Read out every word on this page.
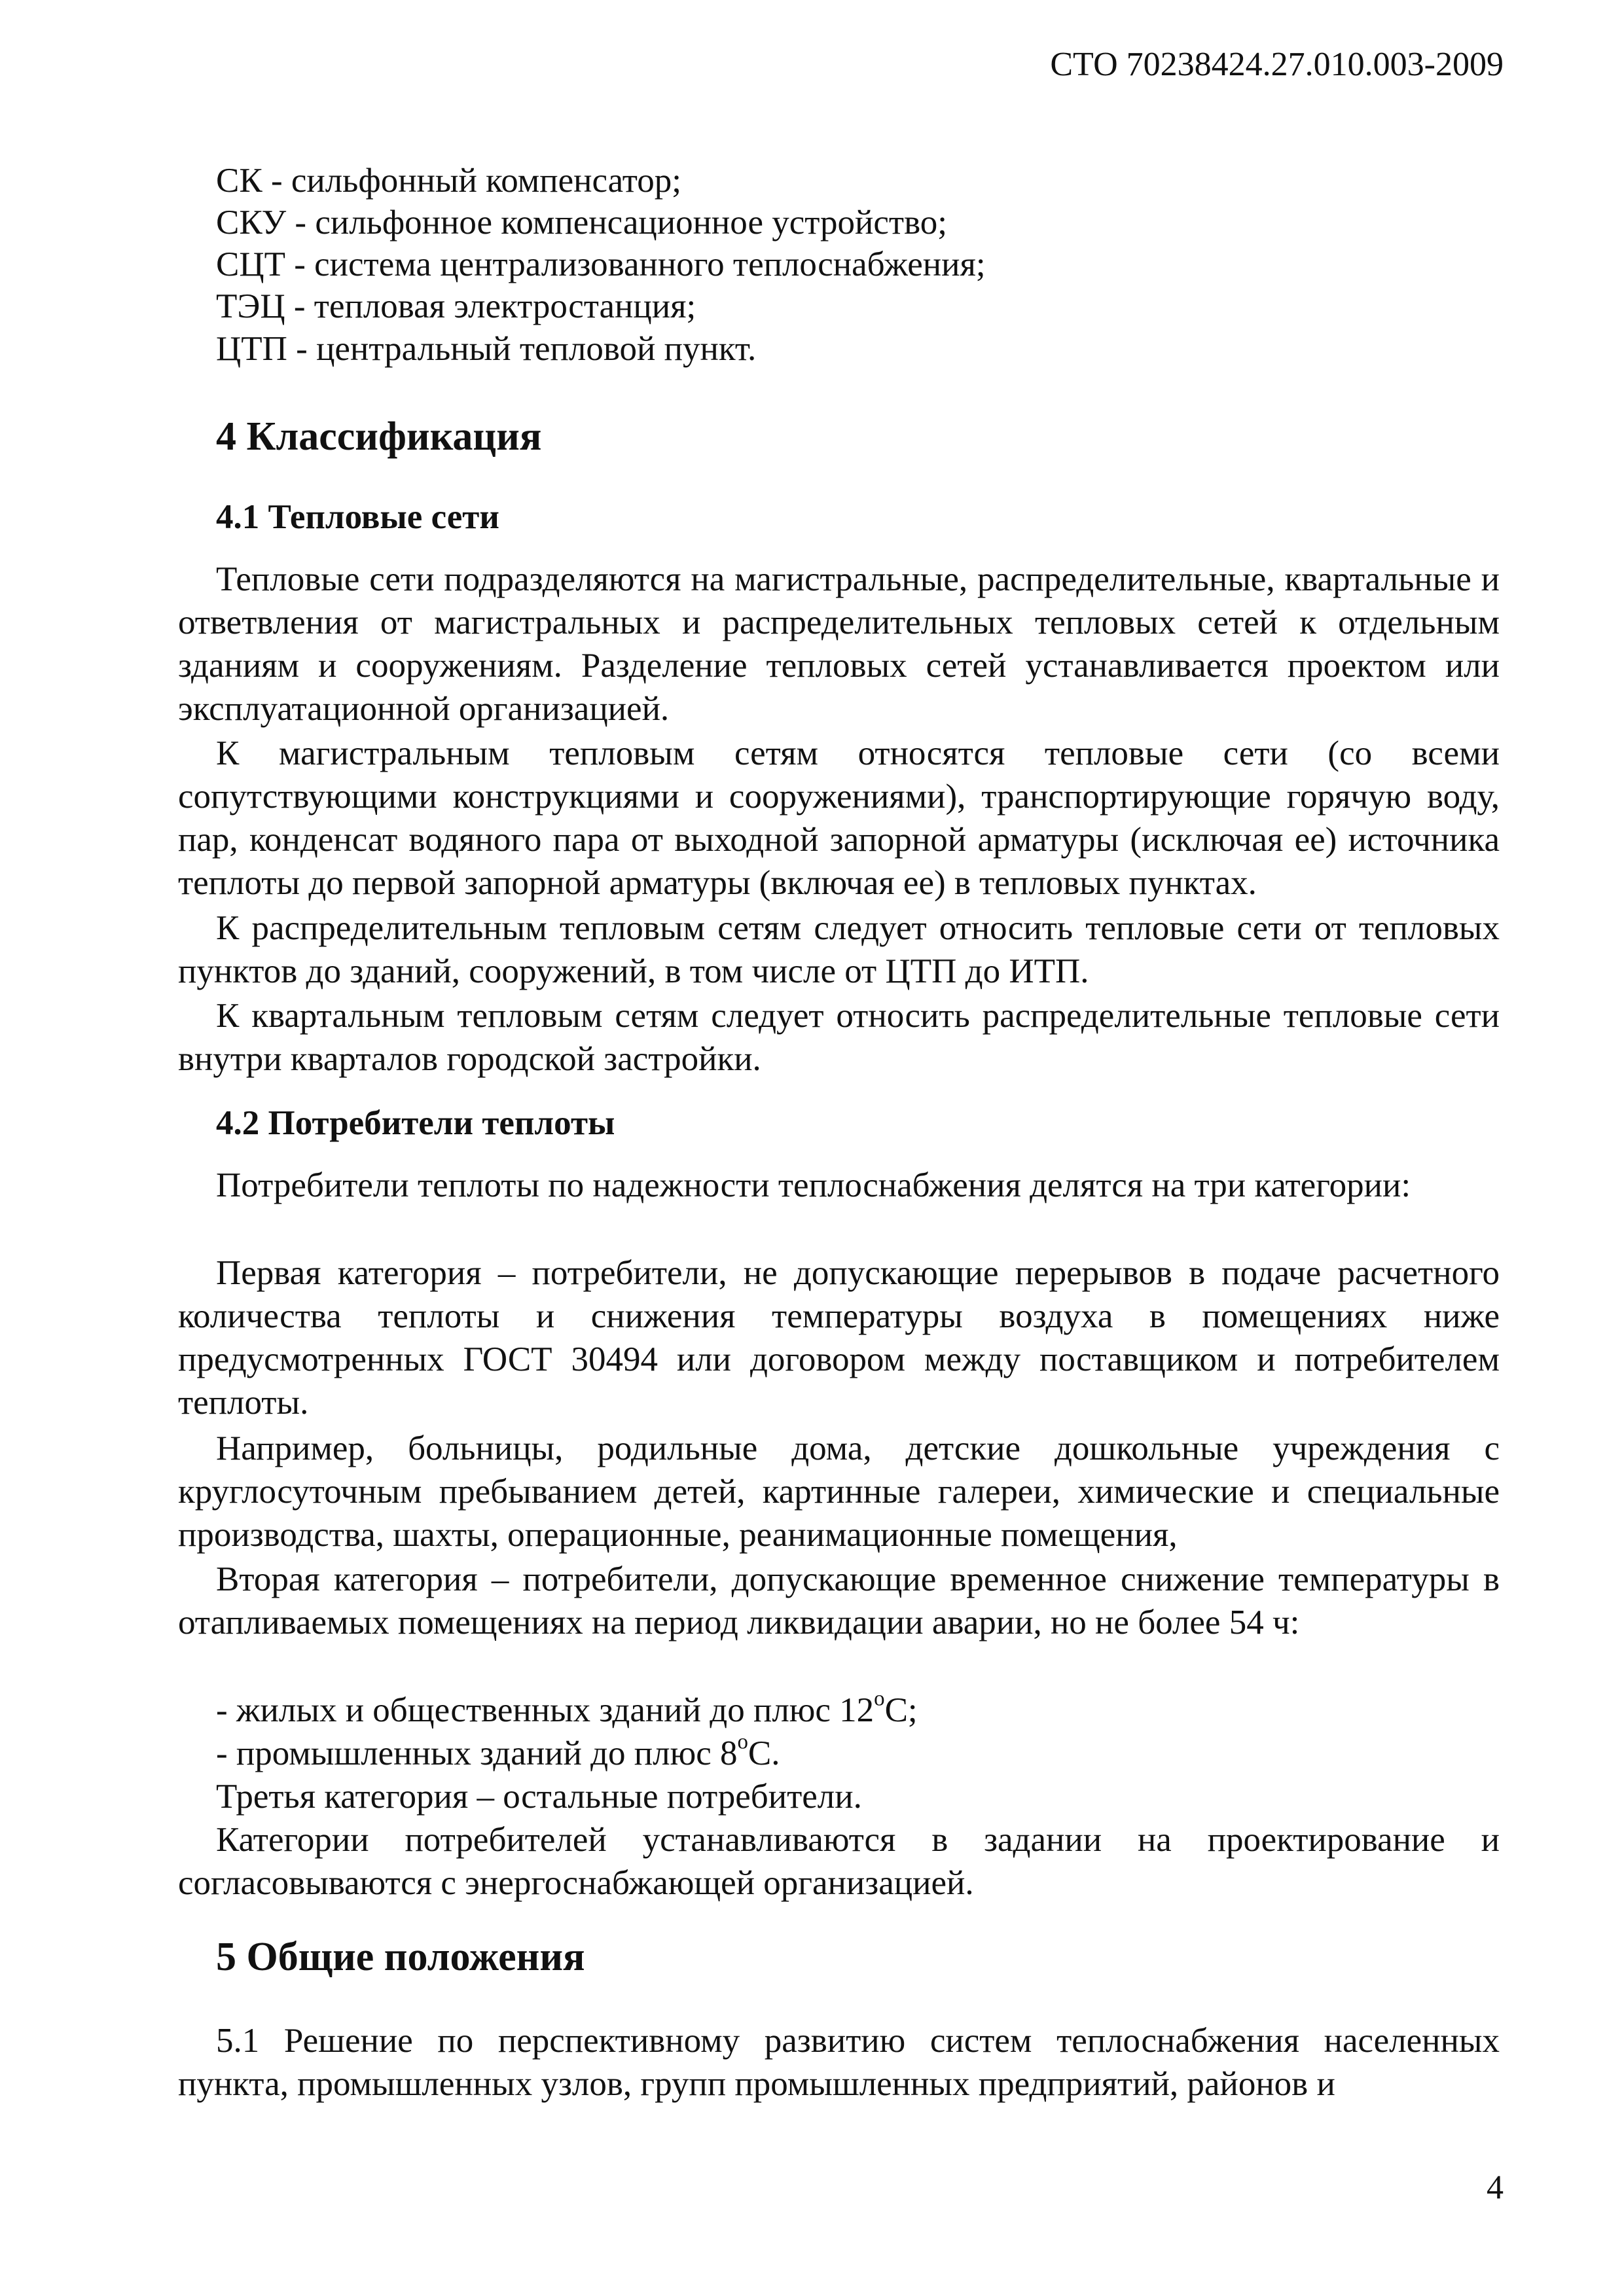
СТО 70238424.27.010.003-2009

СК - сильфонный компенсатор;

СКУ - сильфонное компенсационное устройство;

СЦТ - система централизованного теплоснабжения;

ТЭЦ - тепловая электростанция;

ЦТП - центральный тепловой пункт.

4 Классификация
4.1 Тепловые сети

Тепловые сети подразделяются на магистральные, распределительные, квартальные и ответвления от магистральных и распределительных тепловых сетей к отдельным зданиям и сооружениям. Разделение тепловых сетей устанавливается проектом или эксплуатационной организацией.

К магистральным тепловым сетям относятся тепловые сети (со всеми сопутствующими конструкциями и сооружениями), транспортирующие горячую воду, пар, конденсат водяного пара от выходной запорной арматуры (исключая ее) источника теплоты до первой запорной арматуры (включая ее) в тепловых пунктах.

К распределительным тепловым сетям следует относить тепловые сети от тепловых пунктов до зданий, сооружений, в том числе от ЦТП до ИТП.

К квартальным тепловым сетям следует относить распределительные тепловые сети внутри кварталов городской застройки.

4.2 Потребители теплоты

Потребители теплоты по надежности теплоснабжения делятся на три категории:

Первая категория – потребители, не допускающие перерывов в подаче расчетного количества теплоты и снижения температуры воздуха в помещениях ниже предусмотренных ГОСТ 30494 или договором между поставщиком и потребителем теплоты.

Например, больницы, родильные дома, детские дошкольные учреждения с круглосуточным пребыванием детей, картинные галереи, химические и специальные производства, шахты, операционные, реанимационные помещения,

Вторая категория – потребители, допускающие временное снижение температуры в отапливаемых помещениях на период ликвидации аварии, но не более 54 ч:

- жилых и общественных зданий до плюс $12^оС$;

- промышленных зданий до плюс $8^оС$.

Третья категория – остальные потребители.

Категории потребителей устанавливаются в задании на проектирование и согласовываются с энергоснабжающей организацией.

5 Общие положения

5.1 Решение по перспективному развитию систем теплоснабжения населенных пункта, промышленных узлов, групп промышленных предприятий, районов и

4
